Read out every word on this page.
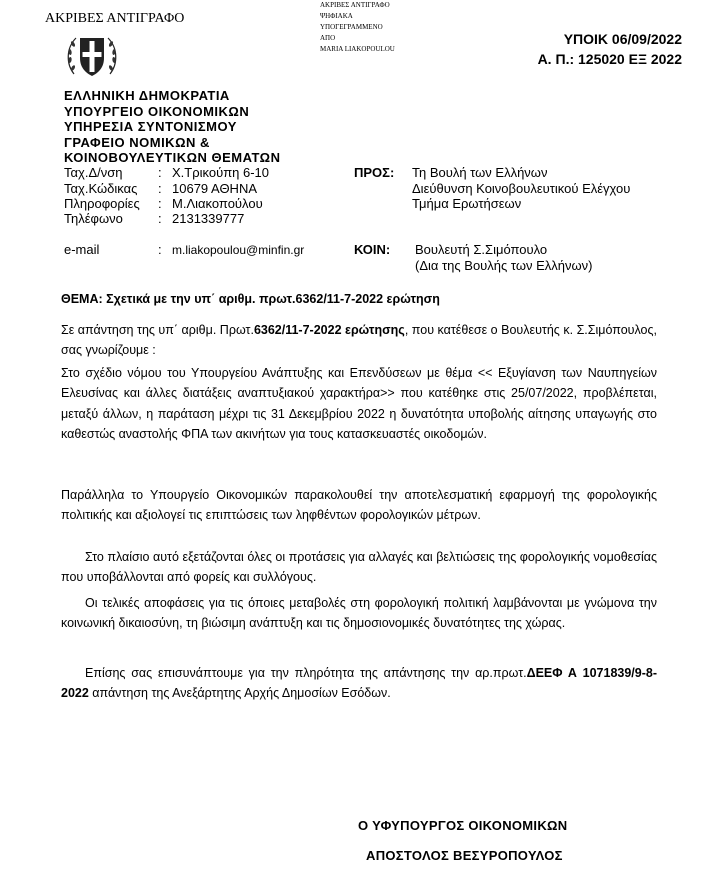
ΑΚΡΙΒΕΣ ΑΝΤΙΓΡΑΦΟ
ΑΚΡΙΒΕΣ ΑΝΤΙΓΡΑΦΟ
ΨΗΦΙΑΚΑ
ΥΠΟΓΕΓΡΑΜΜΕΝΟ
ΑΠΟ
MARIA LIAKOPOULOU
ΥΠΟΙΚ 06/09/2022
Α. Π.: 125020 ΕΞ 2022
ΕΛΛΗΝΙΚΗ ΔΗΜΟΚΡΑΤΙΑ
ΥΠΟΥΡΓΕΙΟ ΟΙΚΟΝΟΜΙΚΩΝ
ΥΠΗΡΕΣΙΑ ΣΥΝΤΟΝΙΣΜΟΥ
ΓΡΑΦΕΙΟ ΝΟΜΙΚΩΝ &
ΚΟΙΝΟΒΟΥΛΕΥΤΙΚΩΝ ΘΕΜΑΤΩΝ
Ταχ.Δ/νση	: Χ.Τρικούπη 6-10
Ταχ.Κώδικας : 10679 ΑΘΗΝΑ
Πληροφορίες : Μ.Λιακοπούλου
Τηλέφωνο	: 2131339777
e-mail	: m.liakopoulou@minfin.gr
ΠΡΟΣ: Τη Βουλή των Ελλήνων
Διεύθυνση Κοινοβουλευτικού Ελέγχου
Τμήμα Ερωτήσεων
ΚΟΙΝ: Βουλευτή Σ.Σιμόπουλο
(Δια της Βουλής των Ελλήνων)
ΘΕΜΑ: Σχετικά με την υπ΄ αριθμ. πρωτ.6362/11-7-2022 ερώτηση
Σε απάντηση της υπ΄ αριθμ. Πρωτ.6362/11-7-2022 ερώτησης, που κατέθεσε ο Βουλευτής κ. Σ.Σιμόπουλος, σας γνωρίζουμε :
Στο σχέδιο νόμου του Υπουργείου Ανάπτυξης και Επενδύσεων με θέμα << Εξυγίανση των Ναυπηγείων Ελευσίνας και άλλες διατάξεις αναπτυξιακού χαρακτήρα>> που κατέθηκε στις 25/07/2022, προβλέπεται, μεταξύ άλλων, η παράταση μέχρι τις 31 Δεκεμβρίου 2022 η δυνατότητα υποβολής αίτησης υπαγωγής στο καθεστώς αναστολής ΦΠΑ των ακινήτων για τους κατασκευαστές οικοδομών.
Παράλληλα το Υπουργείο Οικονομικών παρακολουθεί την αποτελεσματική εφαρμογή της φορολογικής πολιτικής και αξιολογεί τις επιπτώσεις των ληφθέντων φορολογικών μέτρων.
Στο πλαίσιο αυτό εξετάζονται όλες οι προτάσεις για αλλαγές και βελτιώσεις της φορολογικής νομοθεσίας που υποβάλλονται από φορείς και συλλόγους.
Οι τελικές αποφάσεις για τις όποιες μεταβολές στη φορολογική πολιτική λαμβάνονται με γνώμονα την κοινωνική δικαιοσύνη, τη βιώσιμη ανάπτυξη και τις δημοσιονομικές δυνατότητες της χώρας.
Επίσης σας επισυνάπτουμε για την πληρότητα της απάντησης την αρ.πρωτ.ΔΕΕΦ Α 1071839/9-8-2022 απάντηση της Ανεξάρτητης Αρχής Δημοσίων Εσόδων.
Ο ΥΦΥΠΟΥΡΓΟΣ ΟΙΚΟΝΟΜΙΚΩΝ
ΑΠΟΣΤΟΛΟΣ ΒΕΣΥΡΟΠΟΥΛΟΣ
